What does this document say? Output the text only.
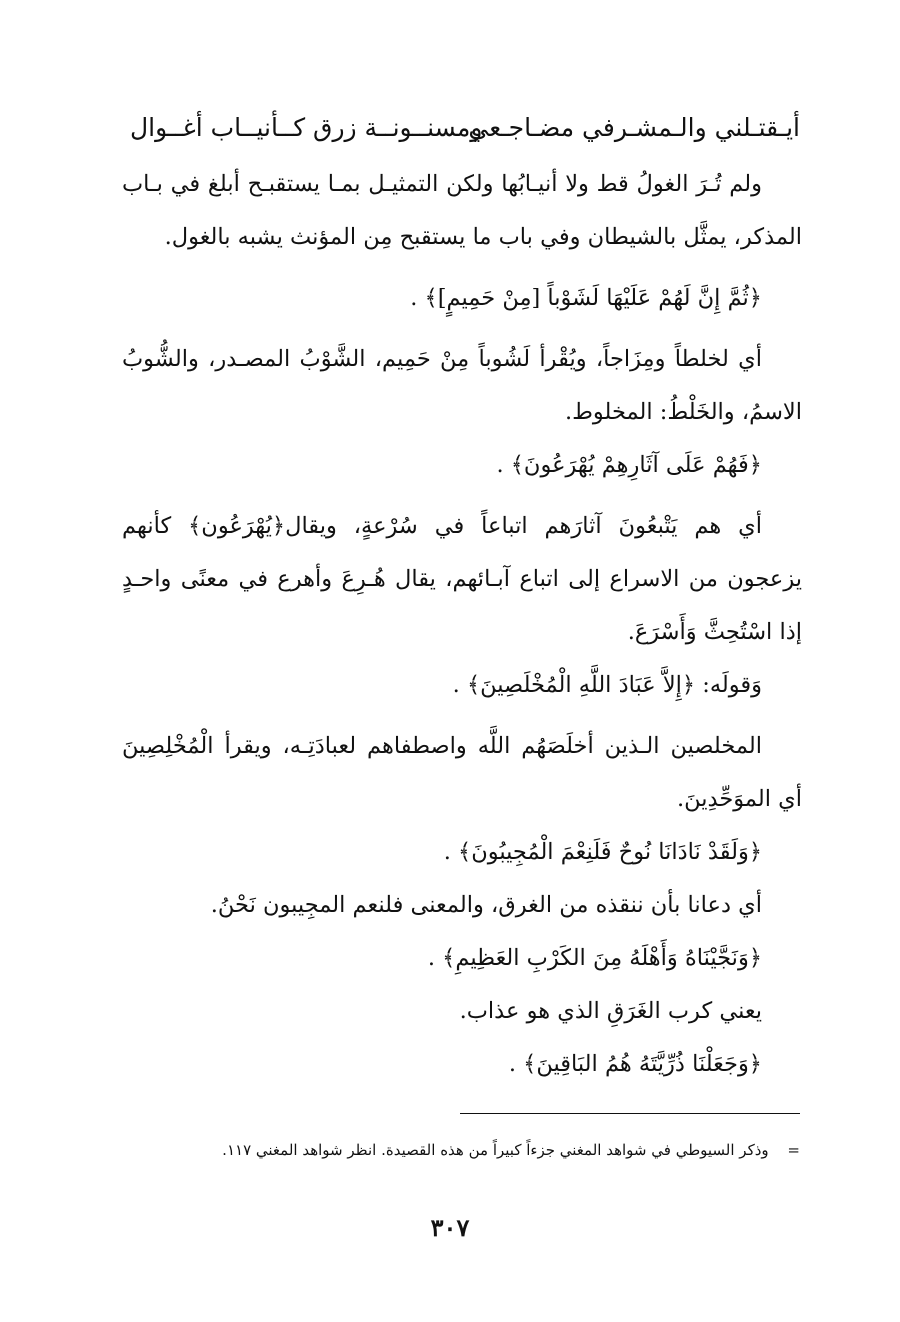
أيـقتـلني والـمشـرفي مضـاجـعي
ومسنــونــة زرق كــأنيــاب أغــوال

ولم تُـرَ الغولُ قط ولا أنيـابُها ولكن التمثيـل بمـا يستقبـح أبلغ في بـاب المذكر، يمثَّل بالشيطان وفي باب ما يستقبح مِن المؤنث يشبه بالغول.

﴿ثُمَّ إِنَّ لَهُمْ عَلَيْهَا لَشَوْباً [مِنْ حَمِيمٍ]﴾ .

أي لخلطاً ومِزَاجاً، ويُقْرأ لَشُوباً مِنْ حَمِيم، الشَّوْبُ المصـدر، والشُّوبُ الاسمُ، والخَلْطُ: المخلوط.

﴿فَهُمْ عَلَى آثَارِهِمْ يُهْرَعُونَ﴾ .

أي هم يَتْبعُونَ آثارَهم اتباعاً في سُرْعةٍ، ويقال﴿يُهْرَعُون﴾ كأنهم يزعجون من الاسراع إلى اتباع آبـائهم، يقال هُـرِعَ وأهرع في معنًى واحـدٍ إذا اسْتُحِثَّ وَأَسْرَعَ.

وَقولَه: ﴿إِلاَّ عَبَادَ اللَّهِ الْمُخْلَصِينَ﴾ .

المخلصين الـذين أخلَصَهُم اللَّه واصطفاهم لعبادَتِـه، ويقرأ الْمُخْلِصِينَ أي الموَحِّدِينَ.

﴿وَلَقَدْ نَادَانَا نُوحٌ فَلَنِعْمَ الْمُجِيبُونَ﴾ .

أي دعانا بأن ننقذه من الغرق، والمعنى فلنعم المجِيبون نَحْنُ.

﴿وَنَجَّيْنَاهُ وَأَهْلَهُ مِنَ الكَرْبِ العَظِيمِ﴾ .

يعني كرب الغَرَقِ الذي هو عذاب.

﴿وَجَعَلْنَا ذُرِّيَّتَهُ هُمُ البَاقِينَ﴾ .

= وذكر السيوطي في شواهد المغني جزءاً كبيراً من هذه القصيدة. انظر شواهد المغني ١١٧.
٣٠٧
